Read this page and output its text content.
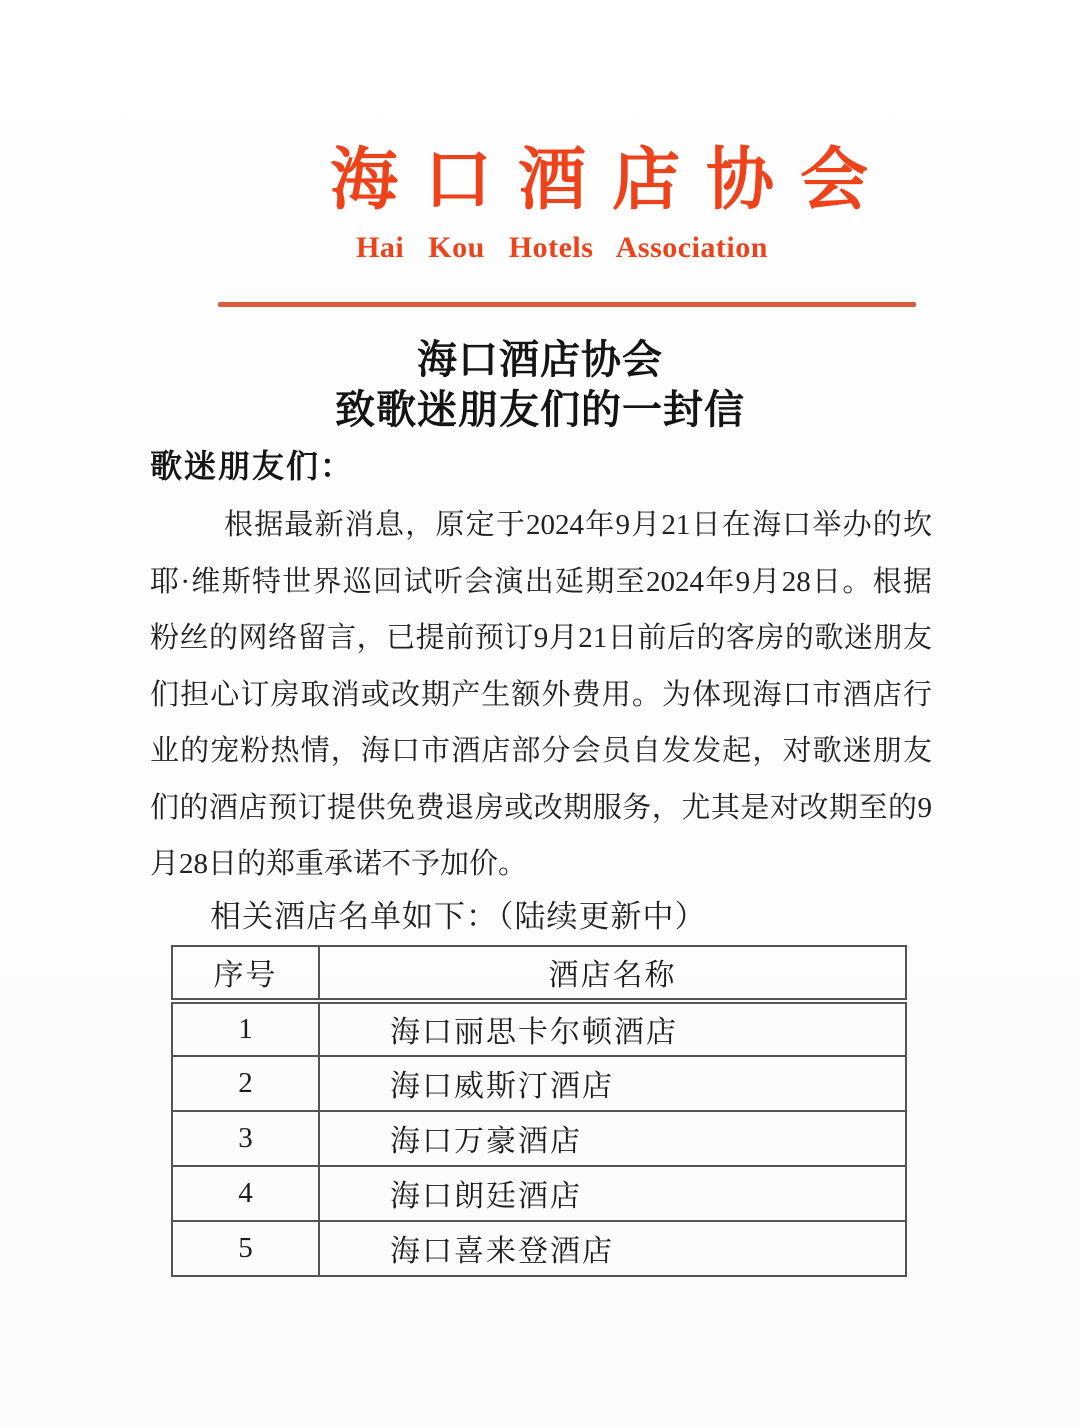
海口酒店协会
Hai Kou Hotels Association
海口酒店协会
致歌迷朋友们的一封信

歌迷朋友们：

根据最新消息，原定于2024年9月21日在海口举办的坎
耶·维斯特世界巡回试听会演出延期至2024年9月28日。根据
粉丝的网络留言，已提前预订9月21日前后的客房的歌迷朋友
们担心订房取消或改期产生额外费用。为体现海口市酒店行
业的宠粉热情，海口市酒店部分会员自发发起，对歌迷朋友
们的酒店预订提供免费退房或改期服务，尤其是对改期至的9
月28日的郑重承诺不予加价。

相关酒店名单如下：（陆续更新中）

序号	酒店名称
1	海口丽思卡尔顿酒店
2	海口威斯汀酒店
3	海口万豪酒店
4	海口朗廷酒店
5	海口喜来登酒店
